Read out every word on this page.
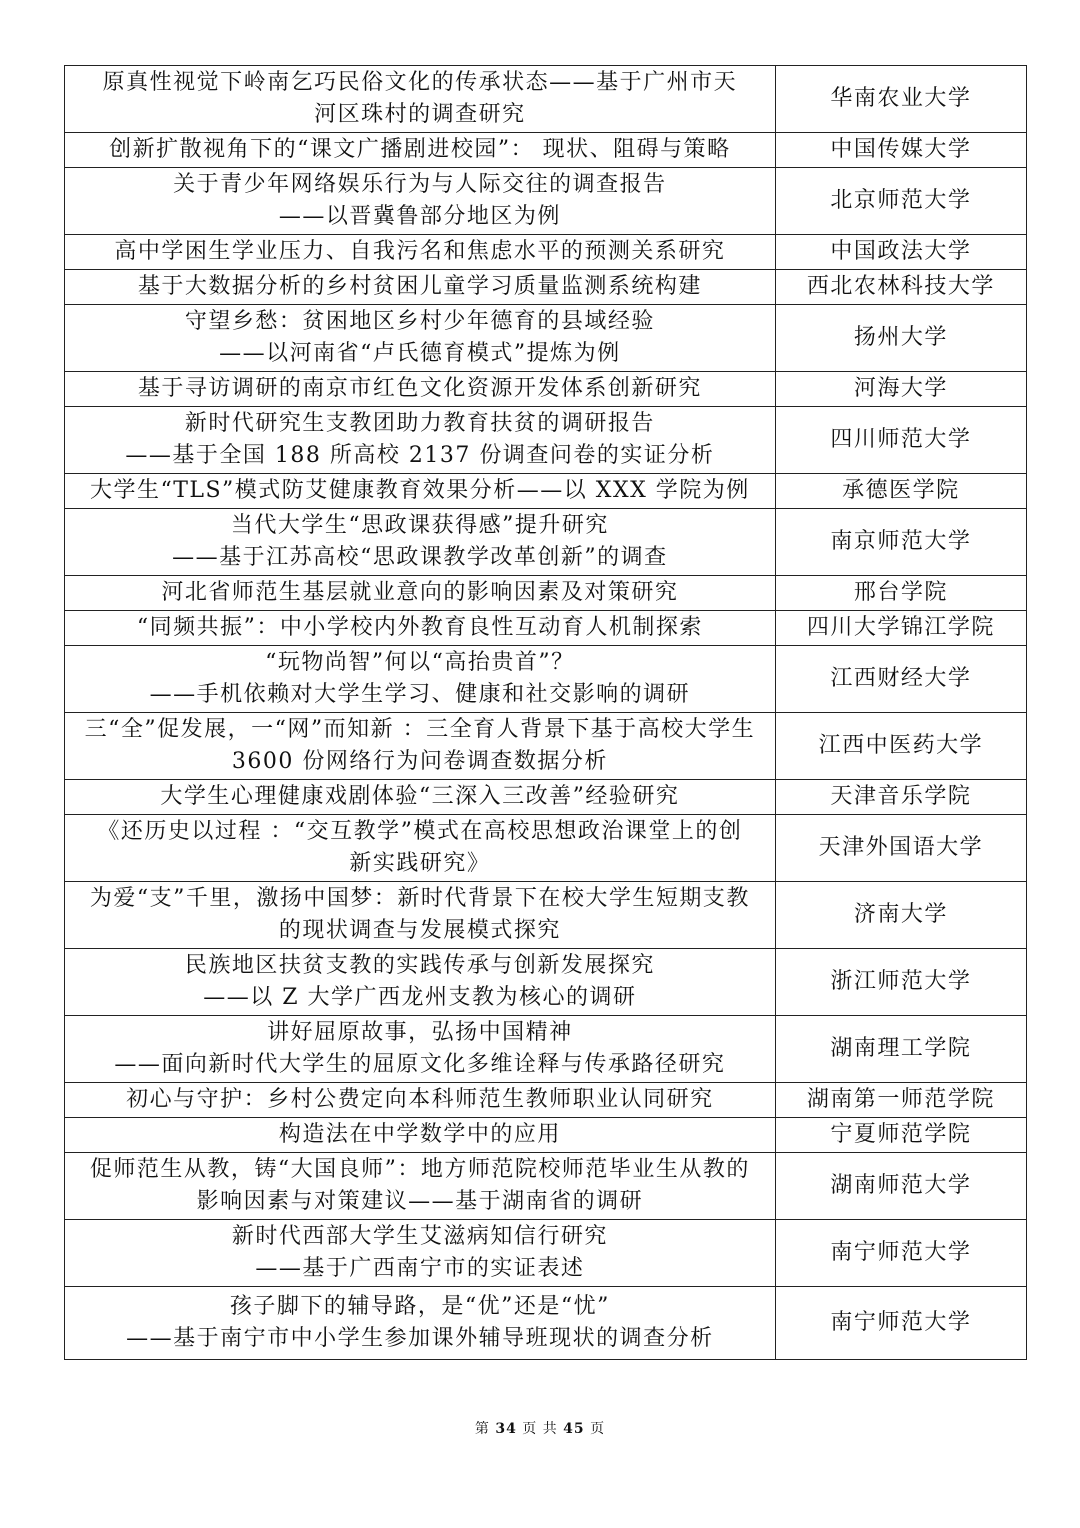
原真性视觉下岭南乞巧民俗文化的传承状态——基于广州市天
河区珠村的调查研究	华南农业大学

创新扩散视角下的“课文广播剧进校园”： 现状、阻碍与策略	中国传媒大学

关于青少年网络娱乐行为与人际交往的调查报告
——以晋冀鲁部分地区为例	北京师范大学

高中学困生学业压力、自我污名和焦虑水平的预测关系研究	中国政法大学

基于大数据分析的乡村贫困儿童学习质量监测系统构建	西北农林科技大学

守望乡愁：贫困地区乡村少年德育的县域经验
——以河南省“卢氏德育模式”提炼为例	扬州大学

基于寻访调研的南京市红色文化资源开发体系创新研究	河海大学

新时代研究生支教团助力教育扶贫的调研报告
——基于全国 188 所高校 2137 份调查问卷的实证分析	四川师范大学

大学生“TLS”模式防艾健康教育效果分析——以 XXX 学院为例	承德医学院

当代大学生“思政课获得感”提升研究
——基于江苏高校“思政课教学改革创新”的调查	南京师范大学

河北省师范生基层就业意向的影响因素及对策研究	邢台学院

“同频共振”：中小学校内外教育良性互动育人机制探索	四川大学锦江学院

“玩物尚智”何以“高抬贵首”？
——手机依赖对大学生学习、健康和社交影响的调研	江西财经大学

三“全”促发展，一“网”而知新 ：三全育人背景下基于高校大学生
3600 份网络行为问卷调查数据分析	江西中医药大学

大学生心理健康戏剧体验“三深入三改善”经验研究	天津音乐学院

《还历史以过程 ：“交互教学”模式在高校思想政治课堂上的创
新实践研究》	天津外国语大学

为爱“支”千里，激扬中国梦：新时代背景下在校大学生短期支教
的现状调查与发展模式探究	济南大学

民族地区扶贫支教的实践传承与创新发展探究
——以 Z 大学广西龙州支教为核心的调研	浙江师范大学

讲好屈原故事，弘扬中国精神
——面向新时代大学生的屈原文化多维诠释与传承路径研究	湖南理工学院

初心与守护：乡村公费定向本科师范生教师职业认同研究	湖南第一师范学院

构造法在中学数学中的应用	宁夏师范学院

促师范生从教，铸“大国良师”：地方师范院校师范毕业生从教的
影响因素与对策建议——基于湖南省的调研	湖南师范大学

新时代西部大学生艾滋病知信行研究
——基于广西南宁市的实证表述	南宁师范大学

孩子脚下的辅导路，是“优”还是“忧”
——基于南宁市中小学生参加课外辅导班现状的调查分析	南宁师范大学
第 34 页 共 45 页
